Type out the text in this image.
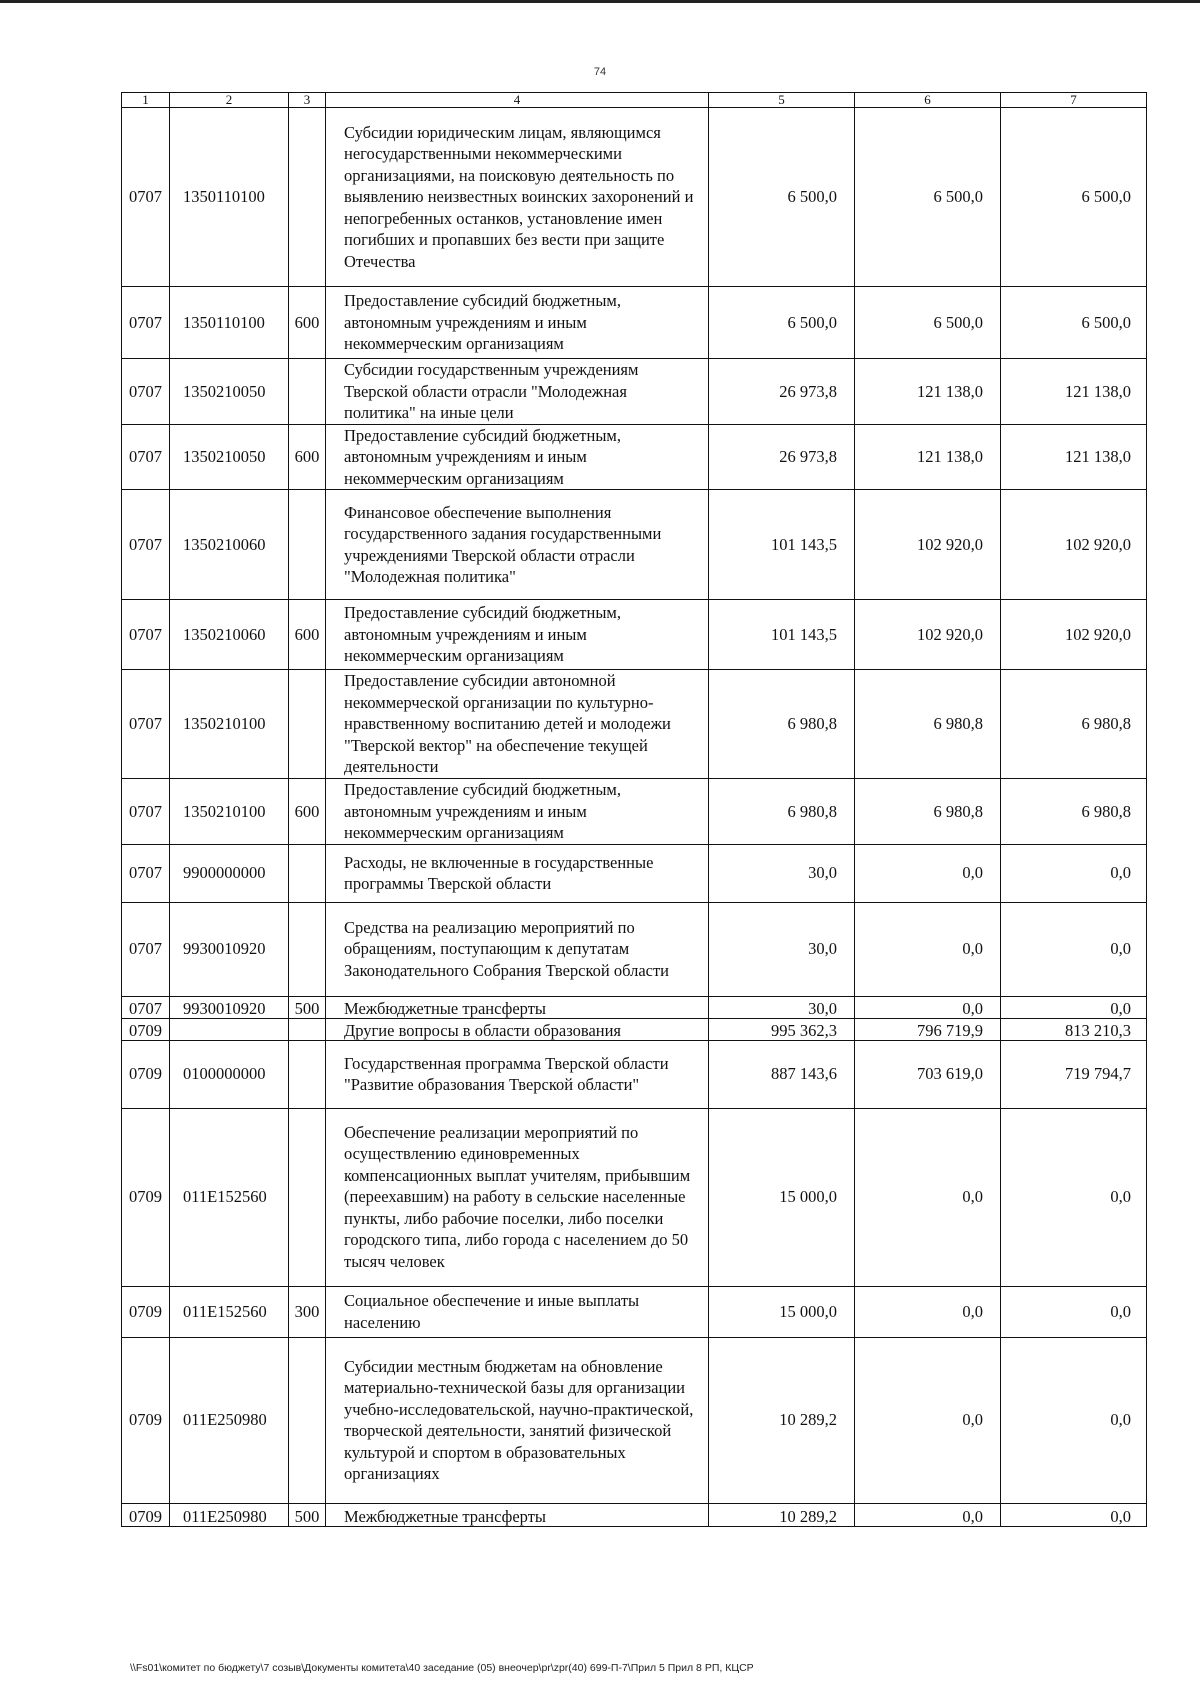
74
1	2	3	4	5	6	7
0707	1350110100		Субсидии юридическим лицам, являющимся негосударственными некоммерческими организациями, на поисковую деятельность по выявлению неизвестных воинских захоронений и непогребенных останков, установление имен погибших и пропавших без вести при защите Отечества	6 500,0	6 500,0	6 500,0
0707	1350110100	600	Предоставление субсидий бюджетным, автономным учреждениям и иным некоммерческим организациям	6 500,0	6 500,0	6 500,0
0707	1350210050		Субсидии государственным учреждениям Тверской области отрасли "Молодежная политика" на иные цели	26 973,8	121 138,0	121 138,0
0707	1350210050	600	Предоставление субсидий бюджетным, автономным учреждениям и иным некоммерческим организациям	26 973,8	121 138,0	121 138,0
0707	1350210060		Финансовое обеспечение выполнения государственного задания государственными учреждениями Тверской области отрасли "Молодежная политика"	101 143,5	102 920,0	102 920,0
0707	1350210060	600	Предоставление субсидий бюджетным, автономным учреждениям и иным некоммерческим организациям	101 143,5	102 920,0	102 920,0
0707	1350210100		Предоставление субсидии автономной некоммерческой организации по культурно-нравственному воспитанию детей и молодежи "Тверской вектор" на обеспечение текущей деятельности	6 980,8	6 980,8	6 980,8
0707	1350210100	600	Предоставление субсидий бюджетным, автономным учреждениям и иным некоммерческим организациям	6 980,8	6 980,8	6 980,8
0707	9900000000		Расходы, не включенные в государственные программы Тверской области	30,0	0,0	0,0
0707	9930010920		Средства на реализацию мероприятий по обращениям, поступающим к депутатам Законодательного Собрания Тверской области	30,0	0,0	0,0
0707	9930010920	500	Межбюджетные трансферты	30,0	0,0	0,0
0709			Другие вопросы в области образования	995 362,3	796 719,9	813 210,3
0709	0100000000		Государственная программа Тверской области "Развитие образования Тверской области"	887 143,6	703 619,0	719 794,7
0709	011E152560		Обеспечение реализации мероприятий по осуществлению единовременных компенсационных выплат учителям, прибывшим (переехавшим) на работу в сельские населенные пункты, либо рабочие поселки, либо поселки городского типа, либо города с населением до 50 тысяч человек	15 000,0	0,0	0,0
0709	011E152560	300	Социальное обеспечение и иные выплаты населению	15 000,0	0,0	0,0
0709	011E250980		Субсидии местным бюджетам на обновление материально-технической базы для организации учебно-исследовательской, научно-практической, творческой деятельности, занятий физической культурой и спортом в образовательных организациях	10 289,2	0,0	0,0
0709	011E250980	500	Межбюджетные трансферты	10 289,2	0,0	0,0
\\Fs01\комитет по бюджету\7 созыв\Документы комитета\40 заседание (05) внеочер\pr\zpr(40) 699-П-7\Прил 5 Прил 8 РП, КЦСР
